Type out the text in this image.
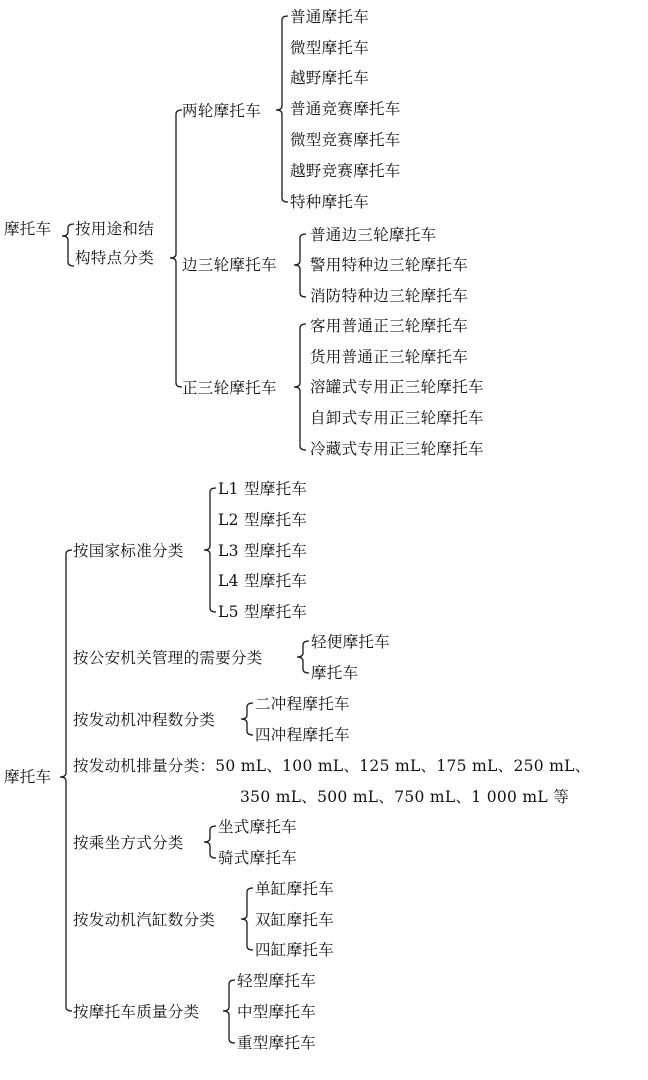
摩托车 按用途和结
构特点分类
两轮摩托车
普通摩托车
微型摩托车
越野摩托车
普通竞赛摩托车
微型竞赛摩托车
越野竞赛摩托车
特种摩托车
边三轮摩托车
普通边三轮摩托车
警用特种边三轮摩托车
消防特种边三轮摩托车
正三轮摩托车
客用普通正三轮摩托车
货用普通正三轮摩托车
溶罐式专用正三轮摩托车
自卸式专用正三轮摩托车
冷藏式专用正三轮摩托车
摩托车
按国家标准分类
L1 型摩托车
L2 型摩托车
L3 型摩托车
L4 型摩托车
L5 型摩托车
按公安机关管理的需要分类
轻便摩托车
摩托车
按发动机冲程数分类
二冲程摩托车
四冲程摩托车
按发动机排量分类：50 mL、100 mL、125 mL、175 mL、250 mL、
350 mL、500 mL、750 mL、1 000 mL 等
按乘坐方式分类
坐式摩托车
骑式摩托车
按发动机汽缸数分类
单缸摩托车
双缸摩托车
四缸摩托车
按摩托车质量分类
轻型摩托车
中型摩托车
重型摩托车
